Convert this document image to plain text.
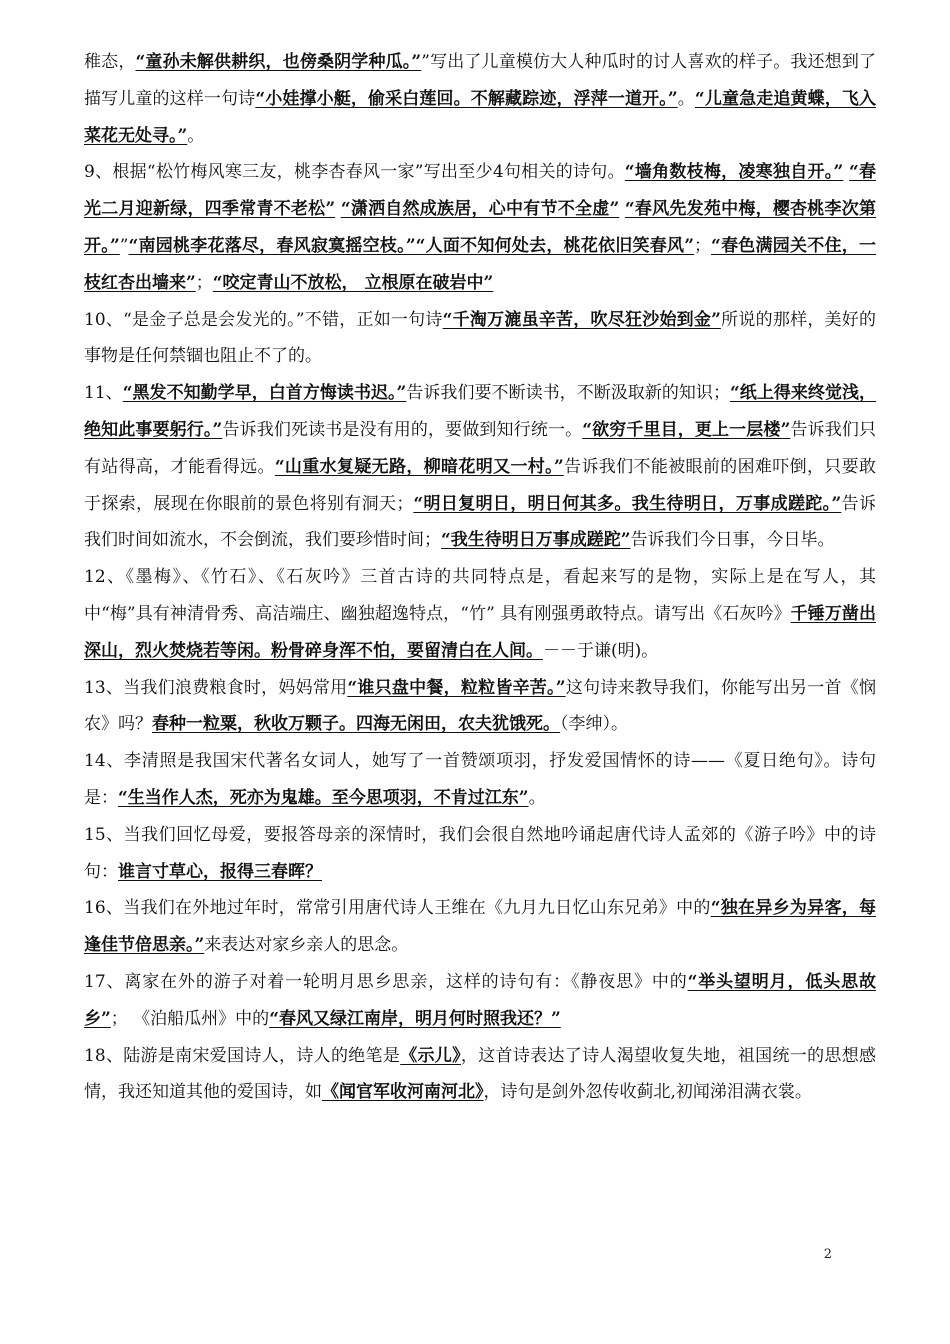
稚态，“童孙未解供耕织，也傍桑阴学种瓜。””写出了儿童模仿大人种瓜时的讨人喜欢的样子。我还想到了描写儿童的这样一句诗“小娃撑小艇，偷采白莲回。不解藏踪迹，浮萍一道开。”。“儿童急走追黄蝶，飞入菜花无处寻。”。

9、根据“松竹梅风寒三友，桃李杏春风一家”写出至少4句相关的诗句。“墙角数枝梅，凌寒独自开。” “春光二月迎新绿，四季常青不老松” “潇洒自然成族居，心中有节不全虚” “春风先发苑中梅，樱杏桃李次第开。””“南园桃李花落尽，春风寂寞摇空枝。”“人面不知何处去，桃花依旧笑春风”；“春色满园关不住，一枝红杏出墙来”；“咬定青山不放松， 立根原在破岩中”

10、“是金子总是会发光的。”不错，正如一句诗“千淘万漉虽辛苦，吹尽狂沙始到金”所说的那样，美好的事物是任何禁锢也阻止不了的。

11、“黑发不知勤学早，白首方悔读书迟。”告诉我们要不断读书，不断汲取新的知识；“纸上得来终觉浅，绝知此事要躬行。”告诉我们死读书是没有用的，要做到知行统一。“欲穷千里目，更上一层楼”告诉我们只有站得高，才能看得远。“山重水复疑无路，柳暗花明又一村。”告诉我们不能被眼前的困难吓倒，只要敢于探索，展现在你眼前的景色将别有洞天；“明日复明日，明日何其多。我生待明日，万事成蹉跎。”告诉我们时间如流水，不会倒流，我们要珍惜时间；“我生待明日万事成蹉跎”告诉我们今日事，今日毕。

12、《墨梅》、《竹石》、《石灰吟》三首古诗的共同特点是，看起来写的是物，实际上是在写人，其中“梅”具有神清骨秀、高洁端庄、幽独超逸特点，“竹” 具有刚强勇敢特点。请写出《石灰吟》千锤万凿出深山，烈火焚烧若等闲。粉骨碎身浑不怕，要留清白在人间。－－于谦(明)。

13、当我们浪费粮食时，妈妈常用“谁只盘中餐，粒粒皆辛苦。”这句诗来教导我们，你能写出另一首《悯农》吗？春种一粒粟，秋收万颗子。四海无闲田，农夫犹饿死。（李绅）。

14、李清照是我国宋代著名女词人，她写了一首赞颂项羽，抒发爱国情怀的诗——《夏日绝句》。诗句是：“生当作人杰，死亦为鬼雄。至今思项羽，不肯过江东”。

15、当我们回忆母爱，要报答母亲的深情时，我们会很自然地吟诵起唐代诗人孟郊的《游子吟》中的诗句：谁言寸草心，报得三春晖？

16、当我们在外地过年时，常常引用唐代诗人王维在《九月九日忆山东兄弟》中的“独在异乡为异客，每逢佳节倍思亲。”来表达对家乡亲人的思念。

17、离家在外的游子对着一轮明月思乡思亲，这样的诗句有：《静夜思》中的“举头望明月，低头思故乡”； 《泊船瓜州》中的“春风又绿江南岸，明月何时照我还？”

18、陆游是南宋爱国诗人，诗人的绝笔是《示儿》，这首诗表达了诗人渴望收复失地，祖国统一的思想感情，我还知道其他的爱国诗，如《闻官军收河南河北》，诗句是剑外忽传收蓟北,初闻涕泪满衣裳。

2
